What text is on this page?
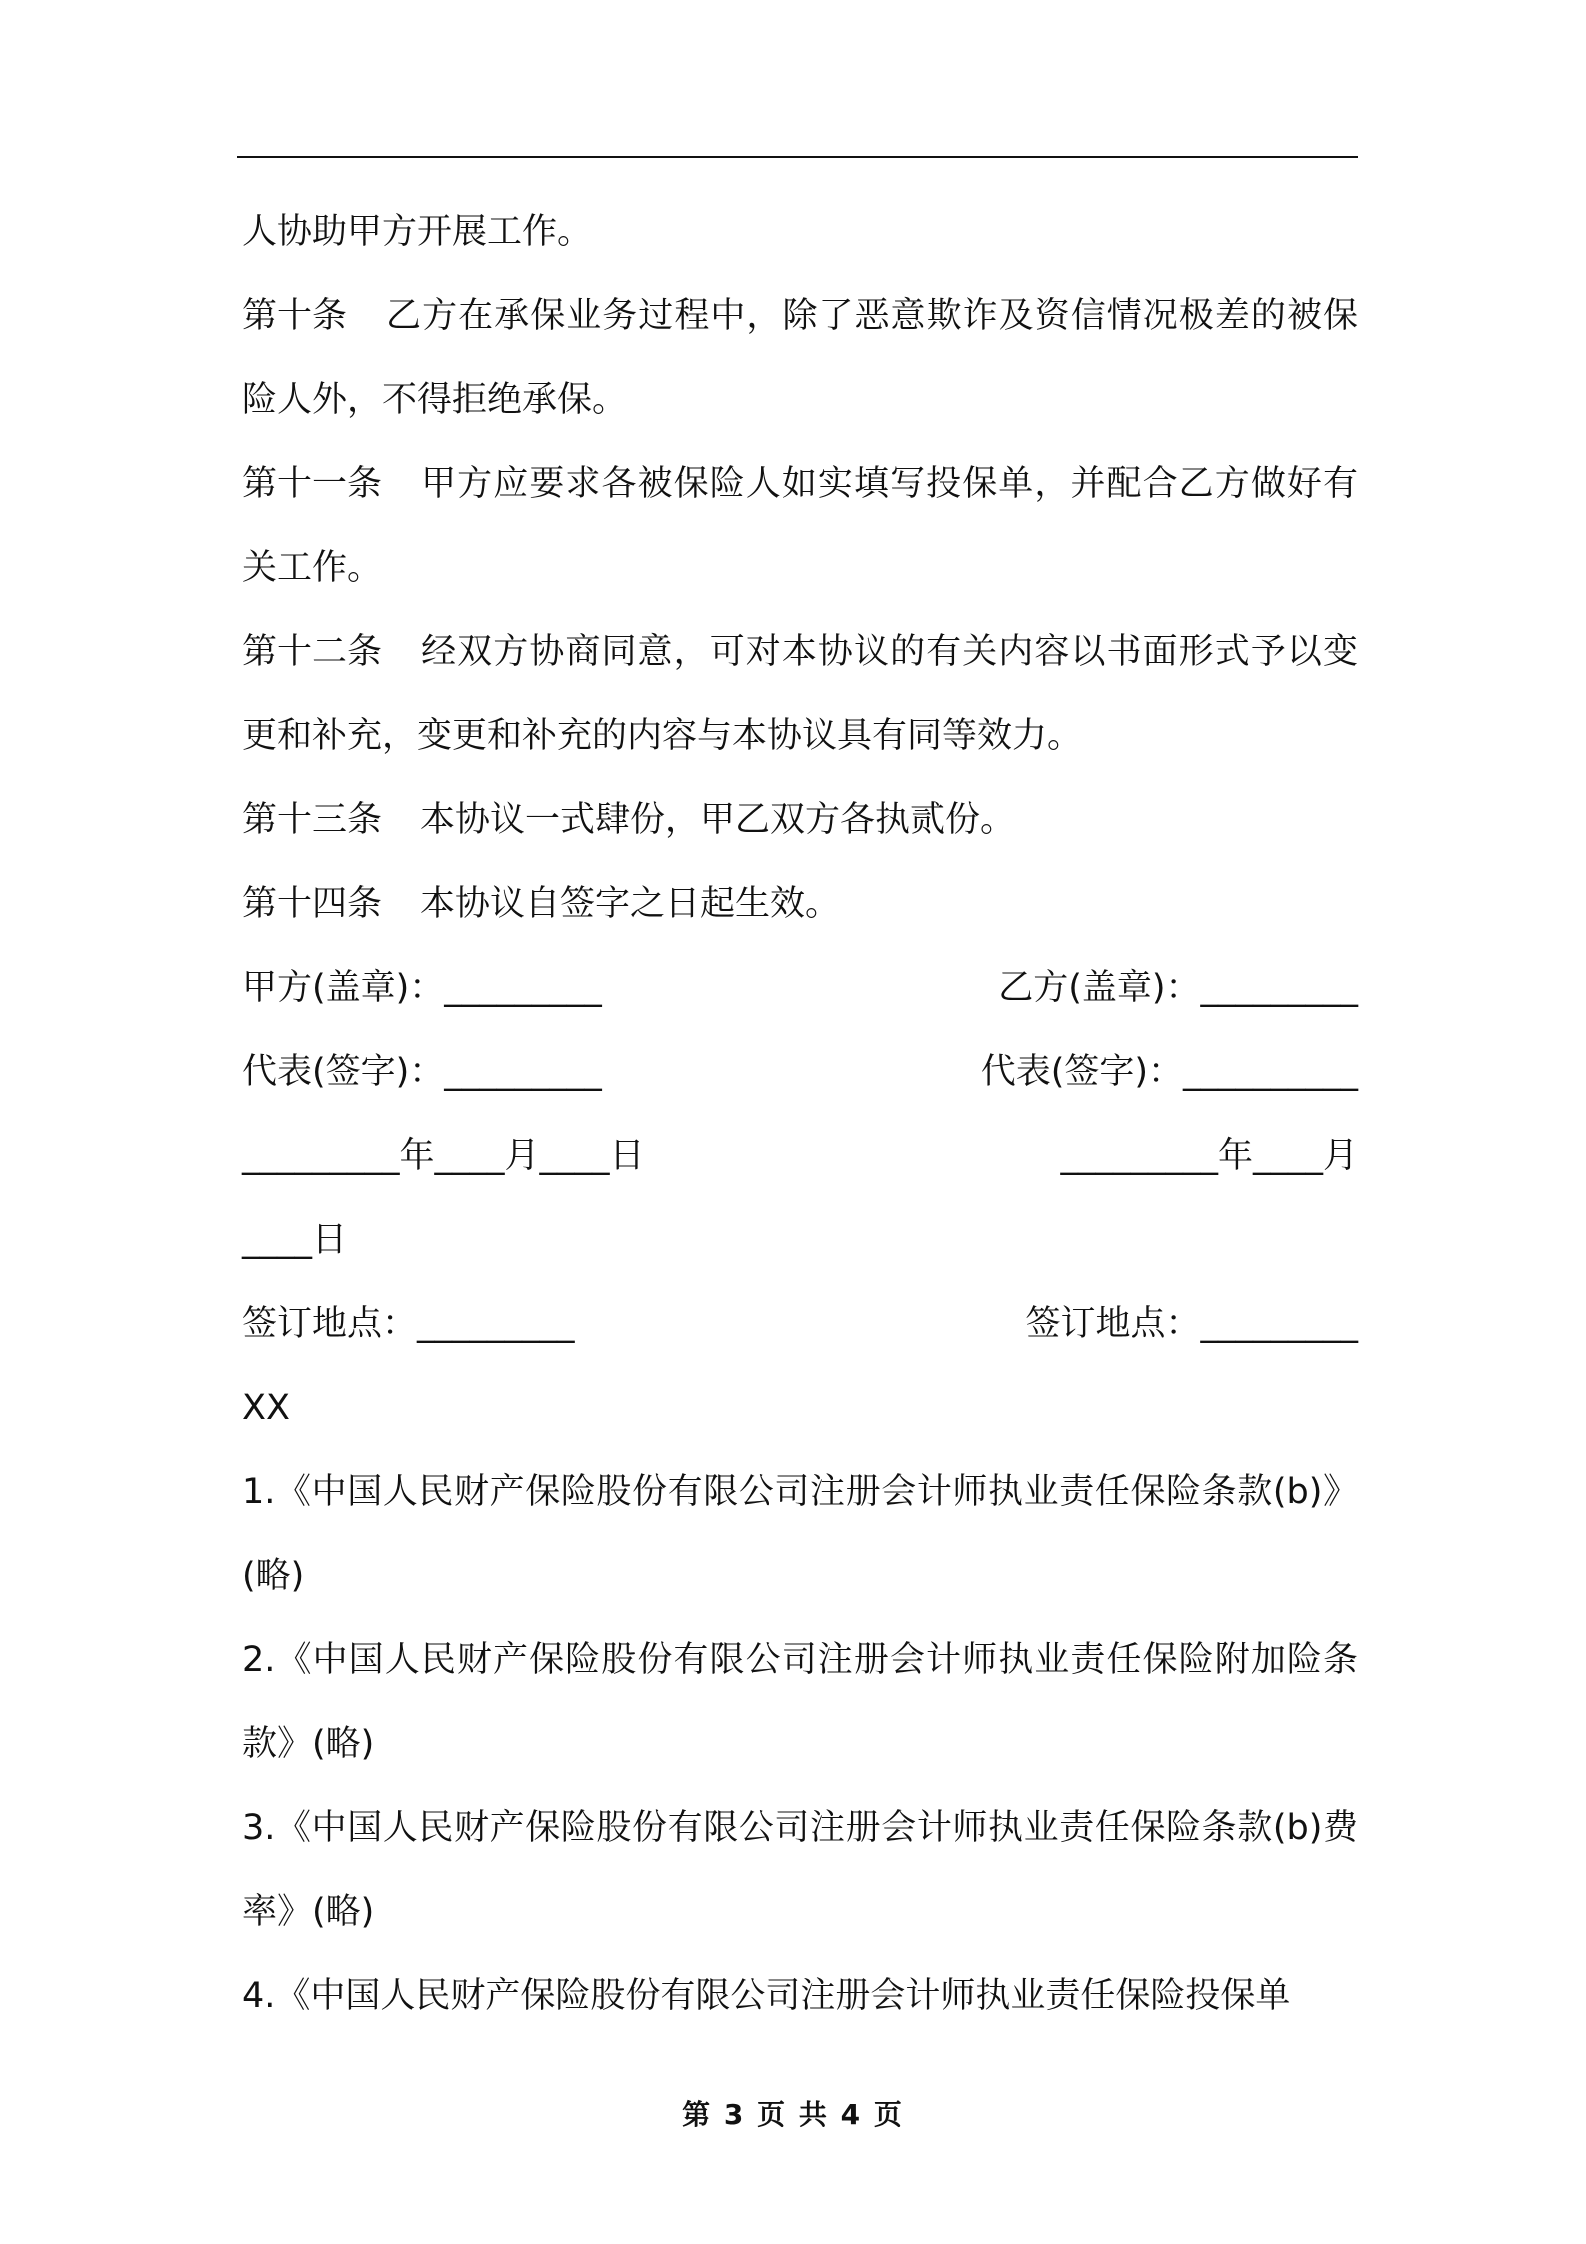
人协助甲方开展工作。

第十条 乙方在承保业务过程中，除了恶意欺诈及资信情况极差的被保险人外，不得拒绝承保。

第十一条 甲方应要求各被保险人如实填写投保单，并配合乙方做好有关工作。

第十二条 经双方协商同意，可对本协议的有关内容以书面形式予以变更和补充，变更和补充的内容与本协议具有同等效力。

第十三条 本协议一式肆份，甲乙双方各执贰份。

第十四条 本协议自签字之日起生效。

甲方(盖章)：_________	乙方(盖章)：_________
代表(签字)：_________	代表(签字)：__________
_________年____月____日	_________年____月

____日

签订地点：_________	签订地点：_________

XX

1.《中国人民财产保险股份有限公司注册会计师执业责任保险条款(b)》(略)

2.《中国人民财产保险股份有限公司注册会计师执业责任保险附加险条款》(略)

3.《中国人民财产保险股份有限公司注册会计师执业责任保险条款(b)费率》(略)

4.《中国人民财产保险股份有限公司注册会计师执业责任保险投保单

第 3 页 共 4 页
